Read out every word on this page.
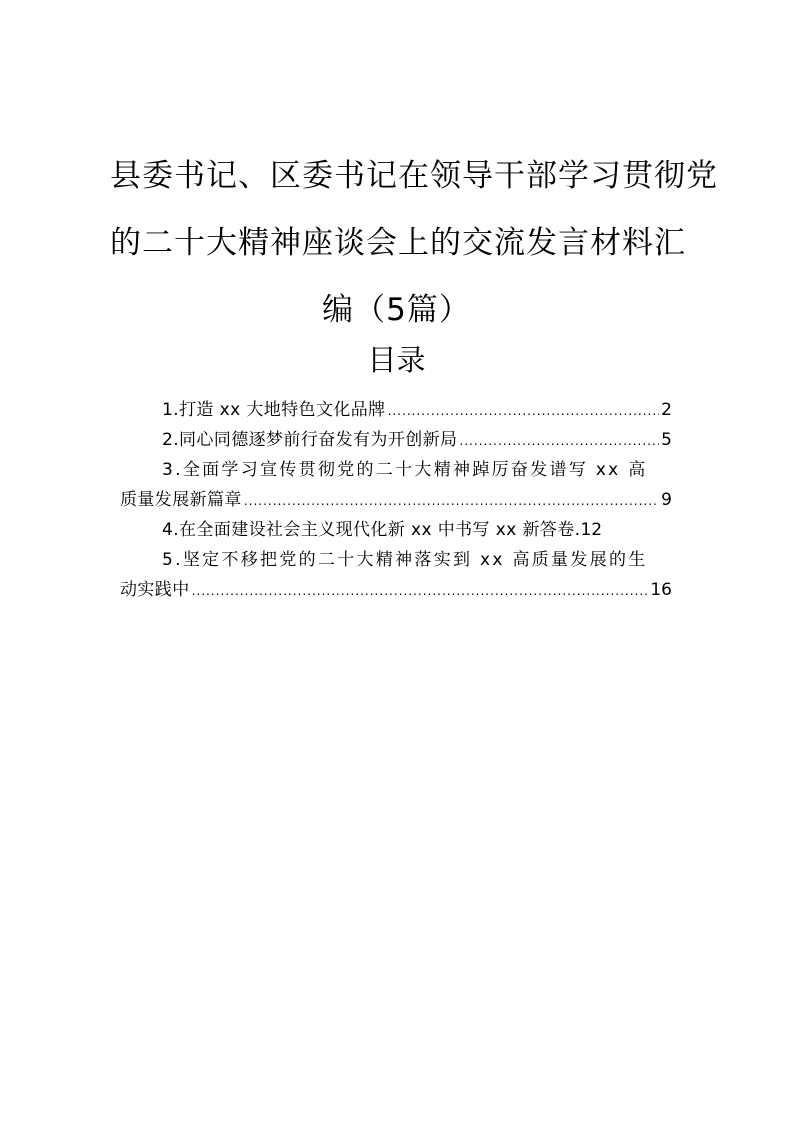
县委书记、区委书记在领导干部学习贯彻党
的二十大精神座谈会上的交流发言材料汇
编（5篇）
目录
1.打造 xx 大地特色文化品牌 .....	2
2.同心同德逐梦前行奋发有为开创新局 .....	5
3.全面学习宣传贯彻党的二十大精神踔厉奋发谱写 xx 高
质量发展新篇章 .....	9
4.在全面建设社会主义现代化新 xx 中书写 xx 新答卷. 12
5.坚定不移把党的二十大精神落实到 xx 高质量发展的生
动实践中 .....	16
